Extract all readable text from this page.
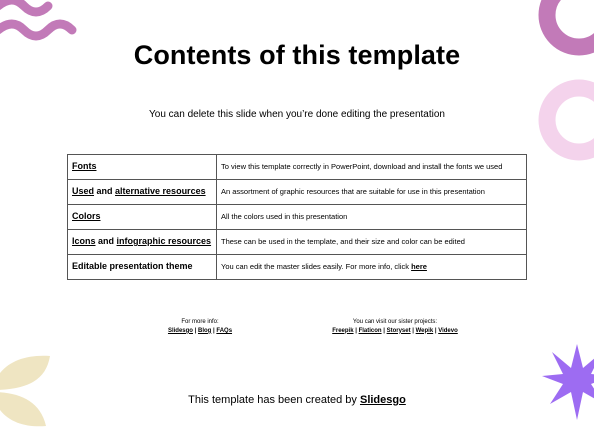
Contents of this template
You can delete this slide when you’re done editing the presentation
Fonts	To view this template correctly in PowerPoint, download and install the fonts we used
Used and alternative resources	An assortment of graphic resources that are suitable for use in this presentation
Colors	All the colors used in this presentation
Icons and infographic resources	These can be used in the template, and their size and color can be edited
Editable presentation theme	You can edit the master slides easily. For more info, click here
For more info:
Slidesgo | Blog | FAQs
You can visit our sister projects:
Freepik | Flaticon | Storyset | Wepik | Videvo
This template has been created by Slidesgo
